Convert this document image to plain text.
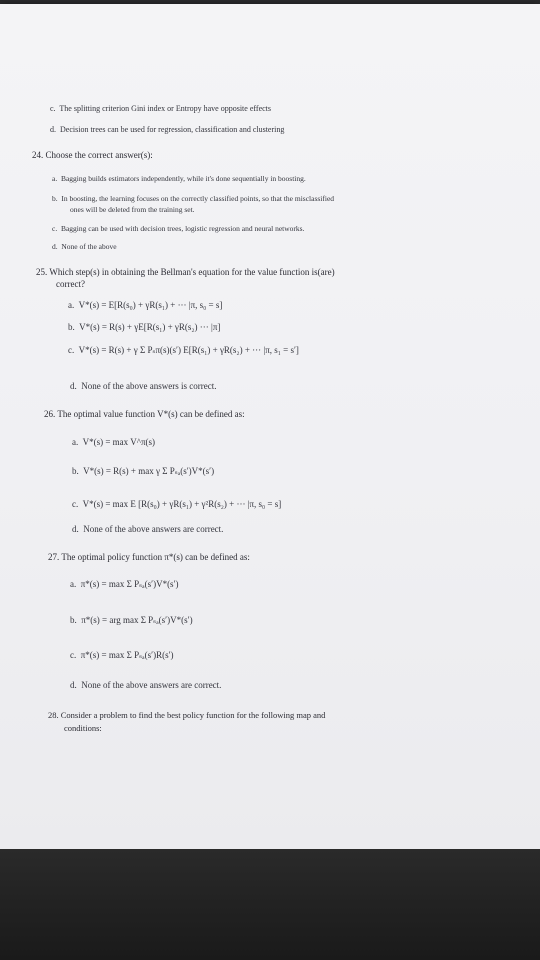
c. The splitting criterion Gini index or Entropy have opposite effects
d. Decision trees can be used for regression, classification and clustering
24. Choose the correct answer(s):
a. Bagging builds estimators independently, while it's done sequentially in boosting.
b. In boosting, the learning focuses on the correctly classified points, so that the misclassified
ones will be deleted from the training set.
c. Bagging can be used with decision trees, logistic regression and neural networks.
d. None of the above
25. Which step(s) in obtaining the Bellman's equation for the value function is(are)
correct?
a. V*(s) = E[R(s₀) + γR(s₁) + ··· |π, s₀ = s]
b. V*(s) = R(s) + γE[R(s₁) + γR(s₂) ··· |π]
c. V*(s) = R(s) + γ Σ Pₛπ(s)(s′) E[R(s₁) + γR(s₂) + ··· |π, s₁ = s′]
d. None of the above answers is correct.
26. The optimal value function V*(s) can be defined as:
a. V*(s) = max V^π(s)
b. V*(s) = R(s) + max γ Σ Pₛₐ(s′)V*(s′)
c. V*(s) = max E [R(s₀) + γR(s₁) + γ²R(s₂) + ··· |π, s₀ = s]
d. None of the above answers are correct.
27. The optimal policy function π*(s) can be defined as:
a. π*(s) = max Σ Pₛₐ(s′)V*(s′)
b. π*(s) = arg max Σ Pₛₐ(s′)V*(s′)
c. π*(s) = max Σ Pₛₐ(s′)R(s′)
d. None of the above answers are correct.
28. Consider a problem to find the best policy function for the following map and
conditions:
